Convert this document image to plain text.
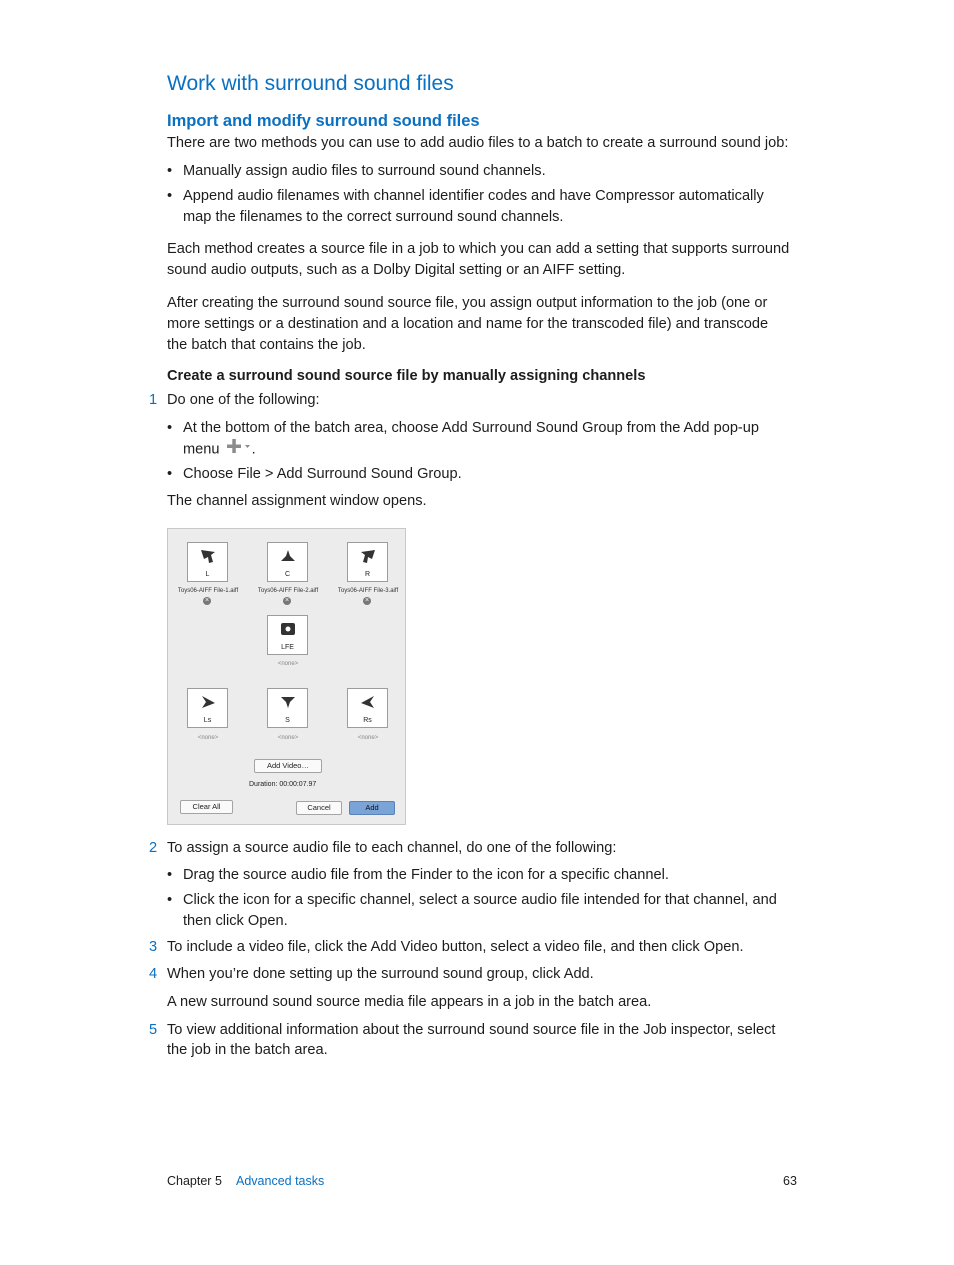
Work with surround sound files
Import and modify surround sound files
There are two methods you can use to add audio files to a batch to create a surround sound job:
• Manually assign audio files to surround sound channels.
• Append audio filenames with channel identifier codes and have Compressor automatically
map the filenames to the correct surround sound channels.
Each method creates a source file in a job to which you can add a setting that supports surround
sound audio outputs, such as a Dolby Digital setting or an AIFF setting.
After creating the surround sound source file, you assign output information to the job (one or
more settings or a destination and a location and name for the transcoded file) and transcode
the batch that contains the job.
Create a surround sound source file by manually assigning channels
1 Do one of the following:
• At the bottom of the batch area, choose Add Surround Sound Group from the Add pop-up
menu .
• Choose File > Add Surround Sound Group.
The channel assignment window opens.
L
Toys06-AIFF File-1.aiff
×
C
Toys06-AIFF File-2.aiff
×
R
Toys06-AIFF File-3.aiff
×
LFE
<none>
Ls
<none>
S
<none>
Rs
<none>
Add Video…
Duration: 00:00:07.97
Clear All	Cancel	Add
2 To assign a source audio file to each channel, do one of the following:
• Drag the source audio file from the Finder to the icon for a specific channel.
• Click the icon for a specific channel, select a source audio file intended for that channel, and
then click Open.
3 To include a video file, click the Add Video button, select a video file, and then click Open.
4 When you’re done setting up the surround sound group, click Add.
A new surround sound source media file appears in a job in the batch area.
5 To view additional information about the surround sound source file in the Job inspector, select
the job in the batch area.
Chapter 5 Advanced tasks	63
